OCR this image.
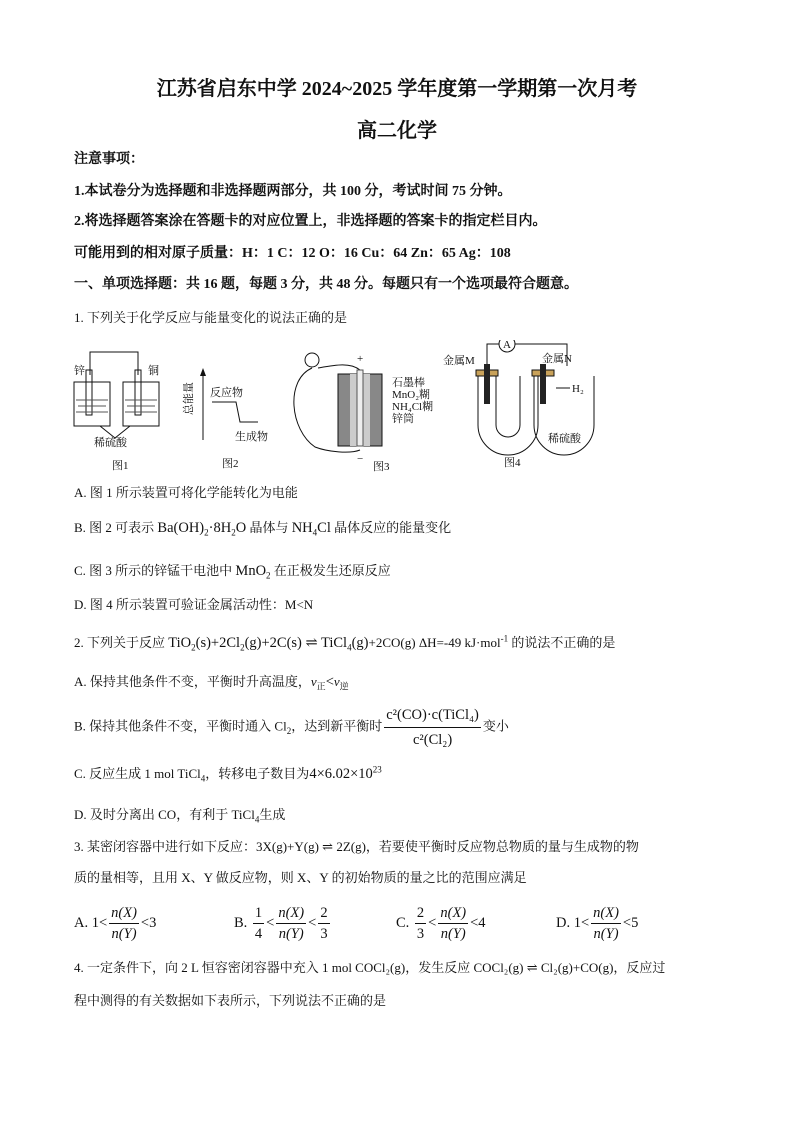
江苏省启东中学 2024~2025 学年度第一学期第一次月考
高二化学
注意事项：
1.本试卷分为选择题和非选择题两部分，共 100 分，考试时间 75 分钟。
2.将选择题答案涂在答题卡的对应位置上，非选择题的答案卡的指定栏目内。
可能用到的相对原子质量：H：1 C：12 O：16 Cu：64 Zn：65 Ag：108
一、单项选择题：共 16 题，每题 3 分，共 48 分。每题只有一个选项最符合题意。
1. 下列关于化学反应与能量变化的说法正确的是
锌	铜
稀硫酸
图1
总能量 反应物
生成物
图2
+
−
石墨棒
MnO₂糊
NH₄Cl糊
锌筒
图3
A
金属M	金属N
H₂
稀硫酸
图4
A. 图 1 所示装置可将化学能转化为电能
B. 图 2 可表示 $Ba(OH)_2\cdot 8H_2O$ 晶体与 $NH_4Cl$ 晶体反应的能量变化
C. 图 3 所示的锌锰干电池中 MnO$_2$ 在正极发生还原反应
D. 图 4 所示装置可验证金属活动性：M<N
2. 下列关于反应 $TiO_2(s)+2Cl_2(g)+2C(s)$ ⇌ TiCl$_4$(g)+2CO(g) ΔH=-49 kJ·mol$^{-1}$ 的说法不正确的是
A. 保持其他条件不变，平衡时升高温度，$v_正<v_逆$
B. 保持其他条件不变，平衡时通入 $Cl_2$，达到新平衡时 $\frac{\text{c²(CO)·c(TiCl₄)}}{\text{c²(Cl₂)}}$ 变小
C. 反应生成 1 mol TiCl$_4$，转移电子数目为$4\times 6.02\times 10^{23}$
D. 及时分离出 CO，有利于 TiCl$_4$生成
3. 某密闭容器中进行如下反应：3X(g)+Y(g) ⇌ 2Z(g)，若要使平衡时反应物总物质的量与生成物的物
质的量相等，且用 X、Y 做反应物，则 X、Y 的初始物质的量之比的范围应满足
A. $1< \frac{n(X)}{n(Y)} <3$	B. $\frac{1}{4} < \frac{n(X)}{n(Y)} < \frac{2}{3}$	C. $\frac{2}{3} < \frac{n(X)}{n(Y)} <4$	D. $1< \frac{n(X)}{n(Y)} <5$
4. 一定条件下，向 2 L 恒容密闭容器中充入 1 mol COCl₂(g)，发生反应 COCl₂(g) ⇌ Cl₂(g)+CO(g)，反应过
程中测得的有关数据如下表所示，下列说法不正确的是
